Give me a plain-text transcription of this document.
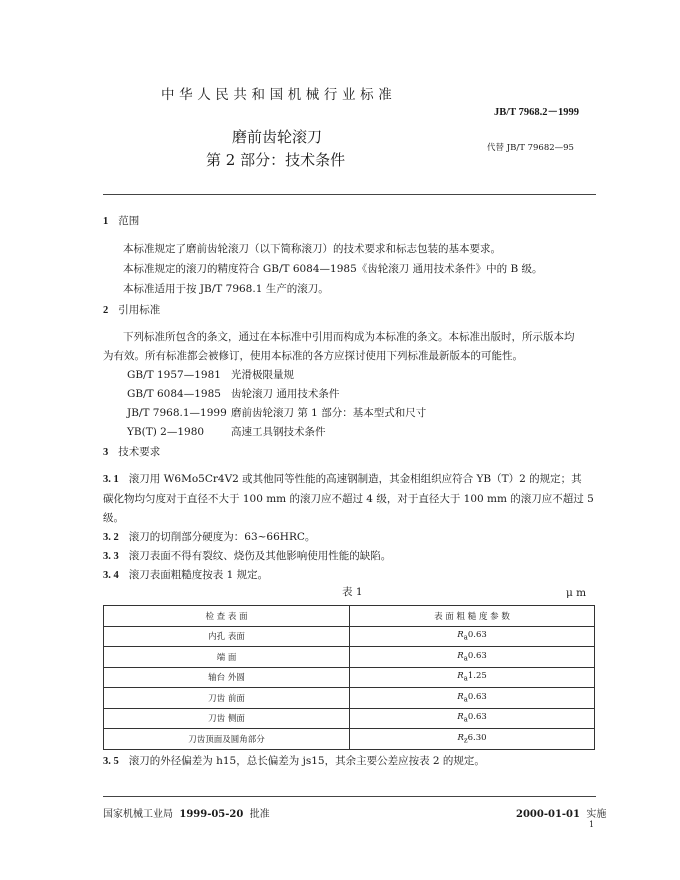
中华人民共和国机械行业标准
JB/T 7968.2－1999
磨前齿轮滚刀
第 2 部分：技术条件
代替 JB/T 79682—95
1 范围
本标准规定了磨前齿轮滚刀（以下简称滚刀）的技术要求和标志包装的基本要求。
本标准规定的滚刀的精度符合 GB/T 6084—1985《齿轮滚刀 通用技术条件》中的 B 级。
本标准适用于按 JB/T 7968.1 生产的滚刀。
2 引用标准
下列标准所包含的条文，通过在本标准中引用而构成为本标准的条文。本标准出版时，所示版本均
为有效。所有标准都会被修订，使用本标准的各方应探讨使用下列标准最新版本的可能性。
GB/T 1957—1981 光滑极限量规
GB/T 6084—1985 齿轮滚刀 通用技术条件
JB/T 7968.1—1999 磨前齿轮滚刀 第 1 部分：基本型式和尺寸
YB(T) 2—1980	高速工具钢技术条件
3 技术要求
3. 1 滚刀用 W6Mo5Cr4V2 或其他同等性能的高速钢制造，其金相组织应符合 YB（T）2 的规定；其
碳化物均匀度对于直径不大于 100 mm 的滚刀应不超过 4 级，对于直径大于 100 mm 的滚刀应不超过 5
级。
3. 2 滚刀的切削部分硬度为：63~66HRC。
3. 3 滚刀表面不得有裂纹、烧伤及其他影响使用性能的缺陷。
3. 4 滚刀表面粗糙度按表 1 规定。
表 1	μ m
检 查 表 面	表 面 粗 糙 度 参 数
内孔 表面	$R_a0.63$
端 面	$R_a0.63$
轴台 外圆	$R_a1.25$
刀齿 前面	$R_a0.63$
刀齿 侧面	$R_a0.63$
刀齿顶面及圆角部分	$R_z6.30$
3. 5 滚刀的外径偏差为 h15，总长偏差为 js15，其余主要公差应按表 2 的规定。
国家机械工业局 1999-05-20 批准	2000-01-01 实施
1
